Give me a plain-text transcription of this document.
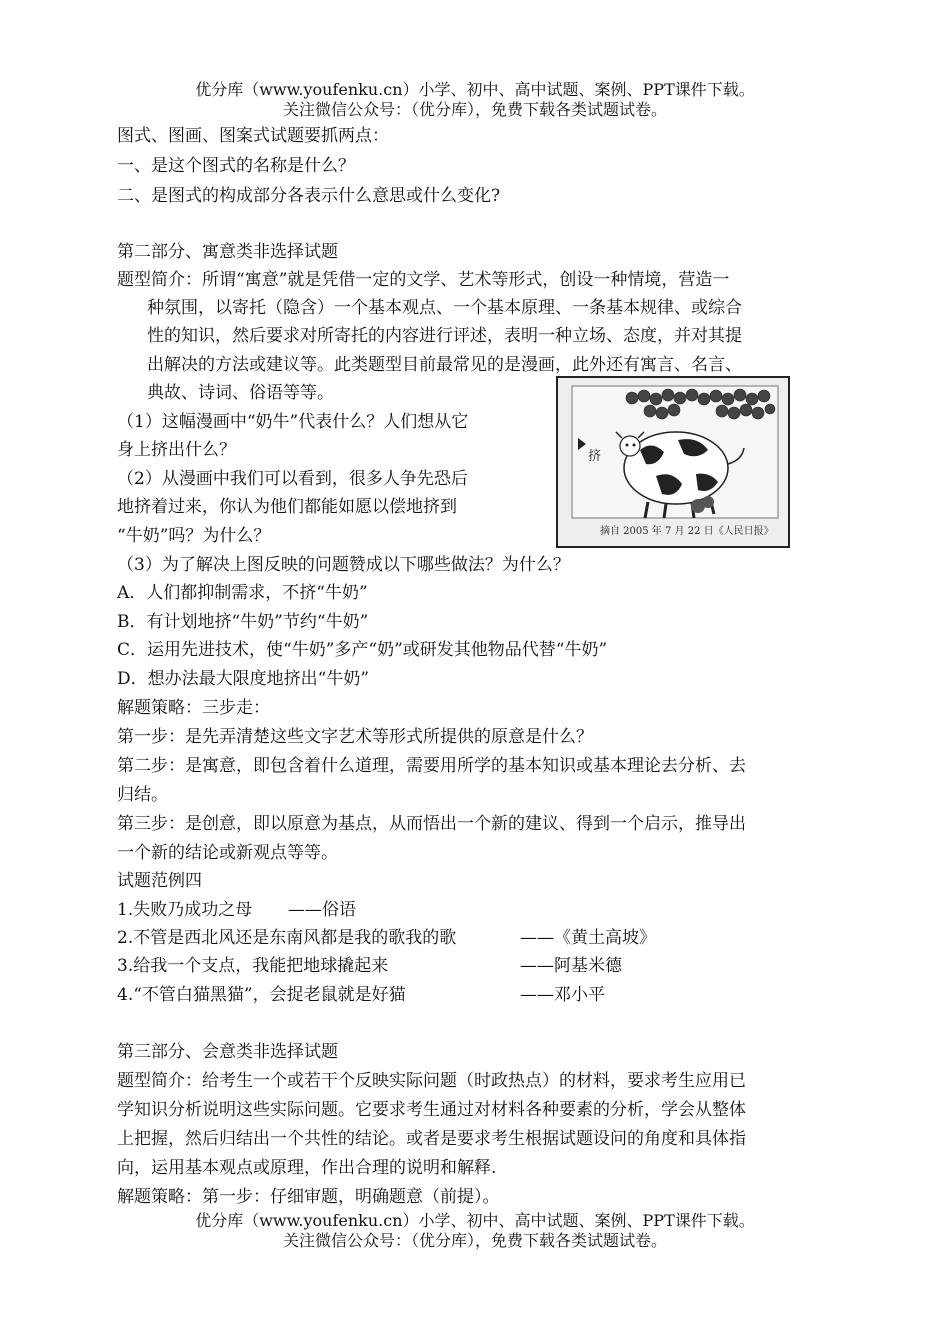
优分库（www.youfenku.cn）小学、初中、高中试题、案例、PPT课件下载。

关注微信公众号：（优分库），免费下载各类试题试卷。

图式、图画、图案式试题要抓两点：

一、是这个图式的名称是什么？

二、是图式的构成部分各表示什么意思或什么变化?

第二部分、寓意类非选择试题

题型简介：所谓“寓意”就是凭借一定的文学、艺术等形式，创设一种情境，营造一

种氛围，以寄托（隐含）一个基本观点、一个基本原理、一条基本规律、或综合

性的知识，然后要求对所寄托的内容进行评述，表明一种立场、态度，并对其提

出解决的方法或建议等。此类题型目前最常见的是漫画，此外还有寓言、名言、

典故、诗词、俗语等等。

（1）这幅漫画中“奶牛”代表什么？人们想从它

身上挤出什么？

（2）从漫画中我们可以看到，很多人争先恐后

地挤着过来，你认为他们都能如愿以偿地挤到

“牛奶”吗？为什么？

挤
摘自 2005 年 7 月 22 日《人民日报》

（3）为了解决上图反映的问题赞成以下哪些做法？为什么？

A．人们都抑制需求，不挤“牛奶”

B．有计划地挤“牛奶”节约“牛奶”

C．运用先进技术，使“牛奶”多产“奶”或研发其他物品代替“牛奶”

D．想办法最大限度地挤出“牛奶”

解题策略：三步走：

第一步：是先弄清楚这些文字艺术等形式所提供的原意是什么？

第二步：是寓意，即包含着什么道理，需要用所学的基本知识或基本理论去分析、去

归结。

第三步：是创意，即以原意为基点，从而悟出一个新的建议、得到一个启示，推导出

一个新的结论或新观点等等。

试题范例四

1.失败乃成功之母 ——俗语

2.不管是西北风还是东南风都是我的歌我的歌	——《黄土高坡》

3.给我一个支点，我能把地球撬起来	——阿基米德

4.“不管白猫黑猫”，会捉老鼠就是好猫	——邓小平

第三部分、会意类非选择试题

题型简介：给考生一个或若干个反映实际问题（时政热点）的材料，要求考生应用已

学知识分析说明这些实际问题。它要求考生通过对材料各种要素的分析，学会从整体

上把握，然后归结出一个共性的结论。或者是要求考生根据试题设问的角度和具体指

向，运用基本观点或原理，作出合理的说明和解释.

解题策略：第一步：仔细审题，明确题意（前提）。

优分库（www.youfenku.cn）小学、初中、高中试题、案例、PPT课件下载。

关注微信公众号：（优分库），免费下载各类试题试卷。
